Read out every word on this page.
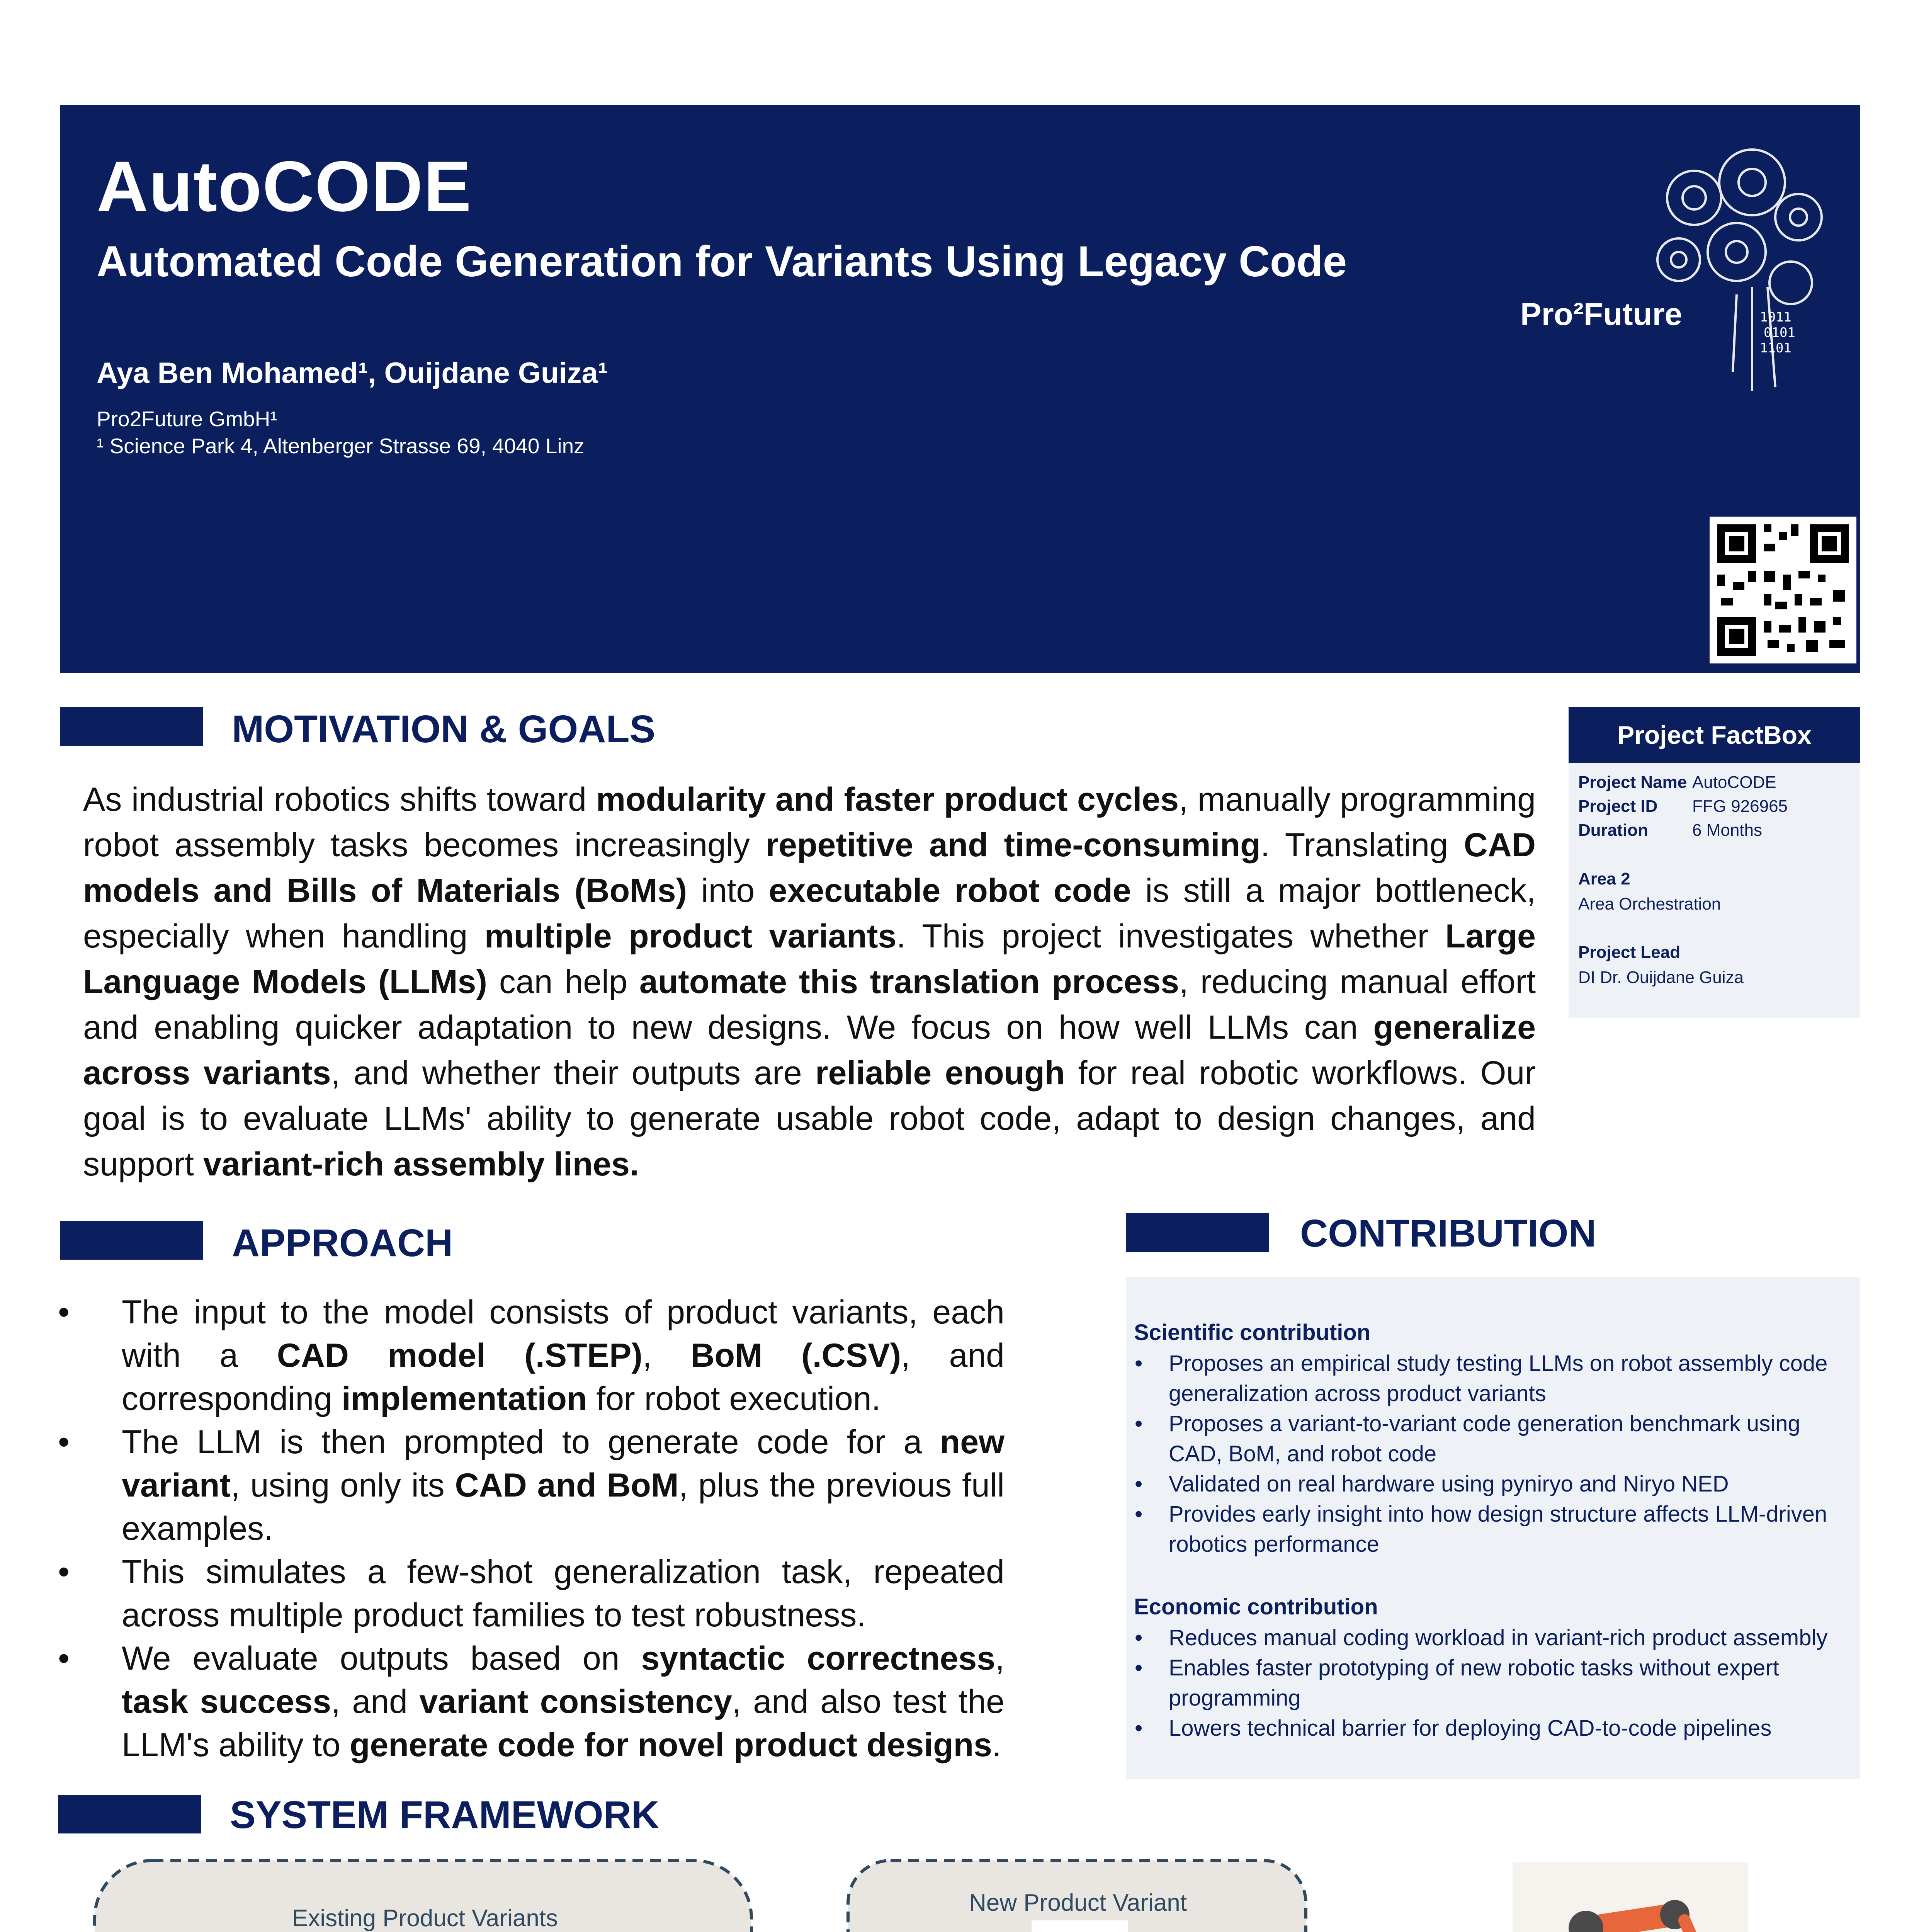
AutoCODE
Automated Code Generation for Variants Using Legacy Code
Aya Ben Mohamed¹, Ouijdane Guiza¹
Pro2Future GmbH¹
¹ Science Park 4, Altenberger Strasse 69, 4040 Linz
1011
0101
1101
Pro²Future
MOTIVATION & GOALS
As industrial robotics shifts toward modularity and faster product cycles, manually programming robot assembly tasks becomes increasingly repetitive and time-consuming. Translating CAD models and Bills of Materials (BoMs) into executable robot code is still a major bottleneck, especially when handling multiple product variants. This project investigates whether Large Language Models (LLMs) can help automate this translation process, reducing manual effort and enabling quicker adaptation to new designs. We focus on how well LLMs can generalize across variants, and whether their outputs are reliable enough for real robotic workflows. Our goal is to evaluate LLMs' ability to generate usable robot code, adapt to design changes, and support variant-rich assembly lines.
Project FactBox
Project Name AutoCODE
Project ID FFG 926965
Duration	6 Months
Area 2
Area Orchestration
Project Lead
DI Dr. Ouijdane Guiza
APPROACH
• The input to the model consists of product variants, each with a CAD model (.STEP), BoM (.CSV), and corresponding implementation for robot execution.
• The LLM is then prompted to generate code for a new variant, using only its CAD and BoM, plus the previous full examples.
• This simulates a few-shot generalization task, repeated across multiple product families to test robustness.
• We evaluate outputs based on syntactic correctness, task success, and variant consistency, and also test the LLM's ability to generate code for novel product designs.
CONTRIBUTION
Scientific contribution
• Proposes an empirical study testing LLMs on robot assembly code generalization across product variants
• Proposes a variant-to-variant code generation benchmark using CAD, BoM, and robot code
• Validated on real hardware using pyniryo and Niryo NED
• Provides early insight into how design structure affects LLM-driven robotics performance
Economic contribution
• Reduces manual coding workload in variant-rich product assembly
• Enables faster prototyping of new robotic tasks without expert programming
• Lowers technical barrier for deploying CAD-to-code pipelines
SYSTEM FRAMEWORK
Existing Product Variants
New Product Variant
